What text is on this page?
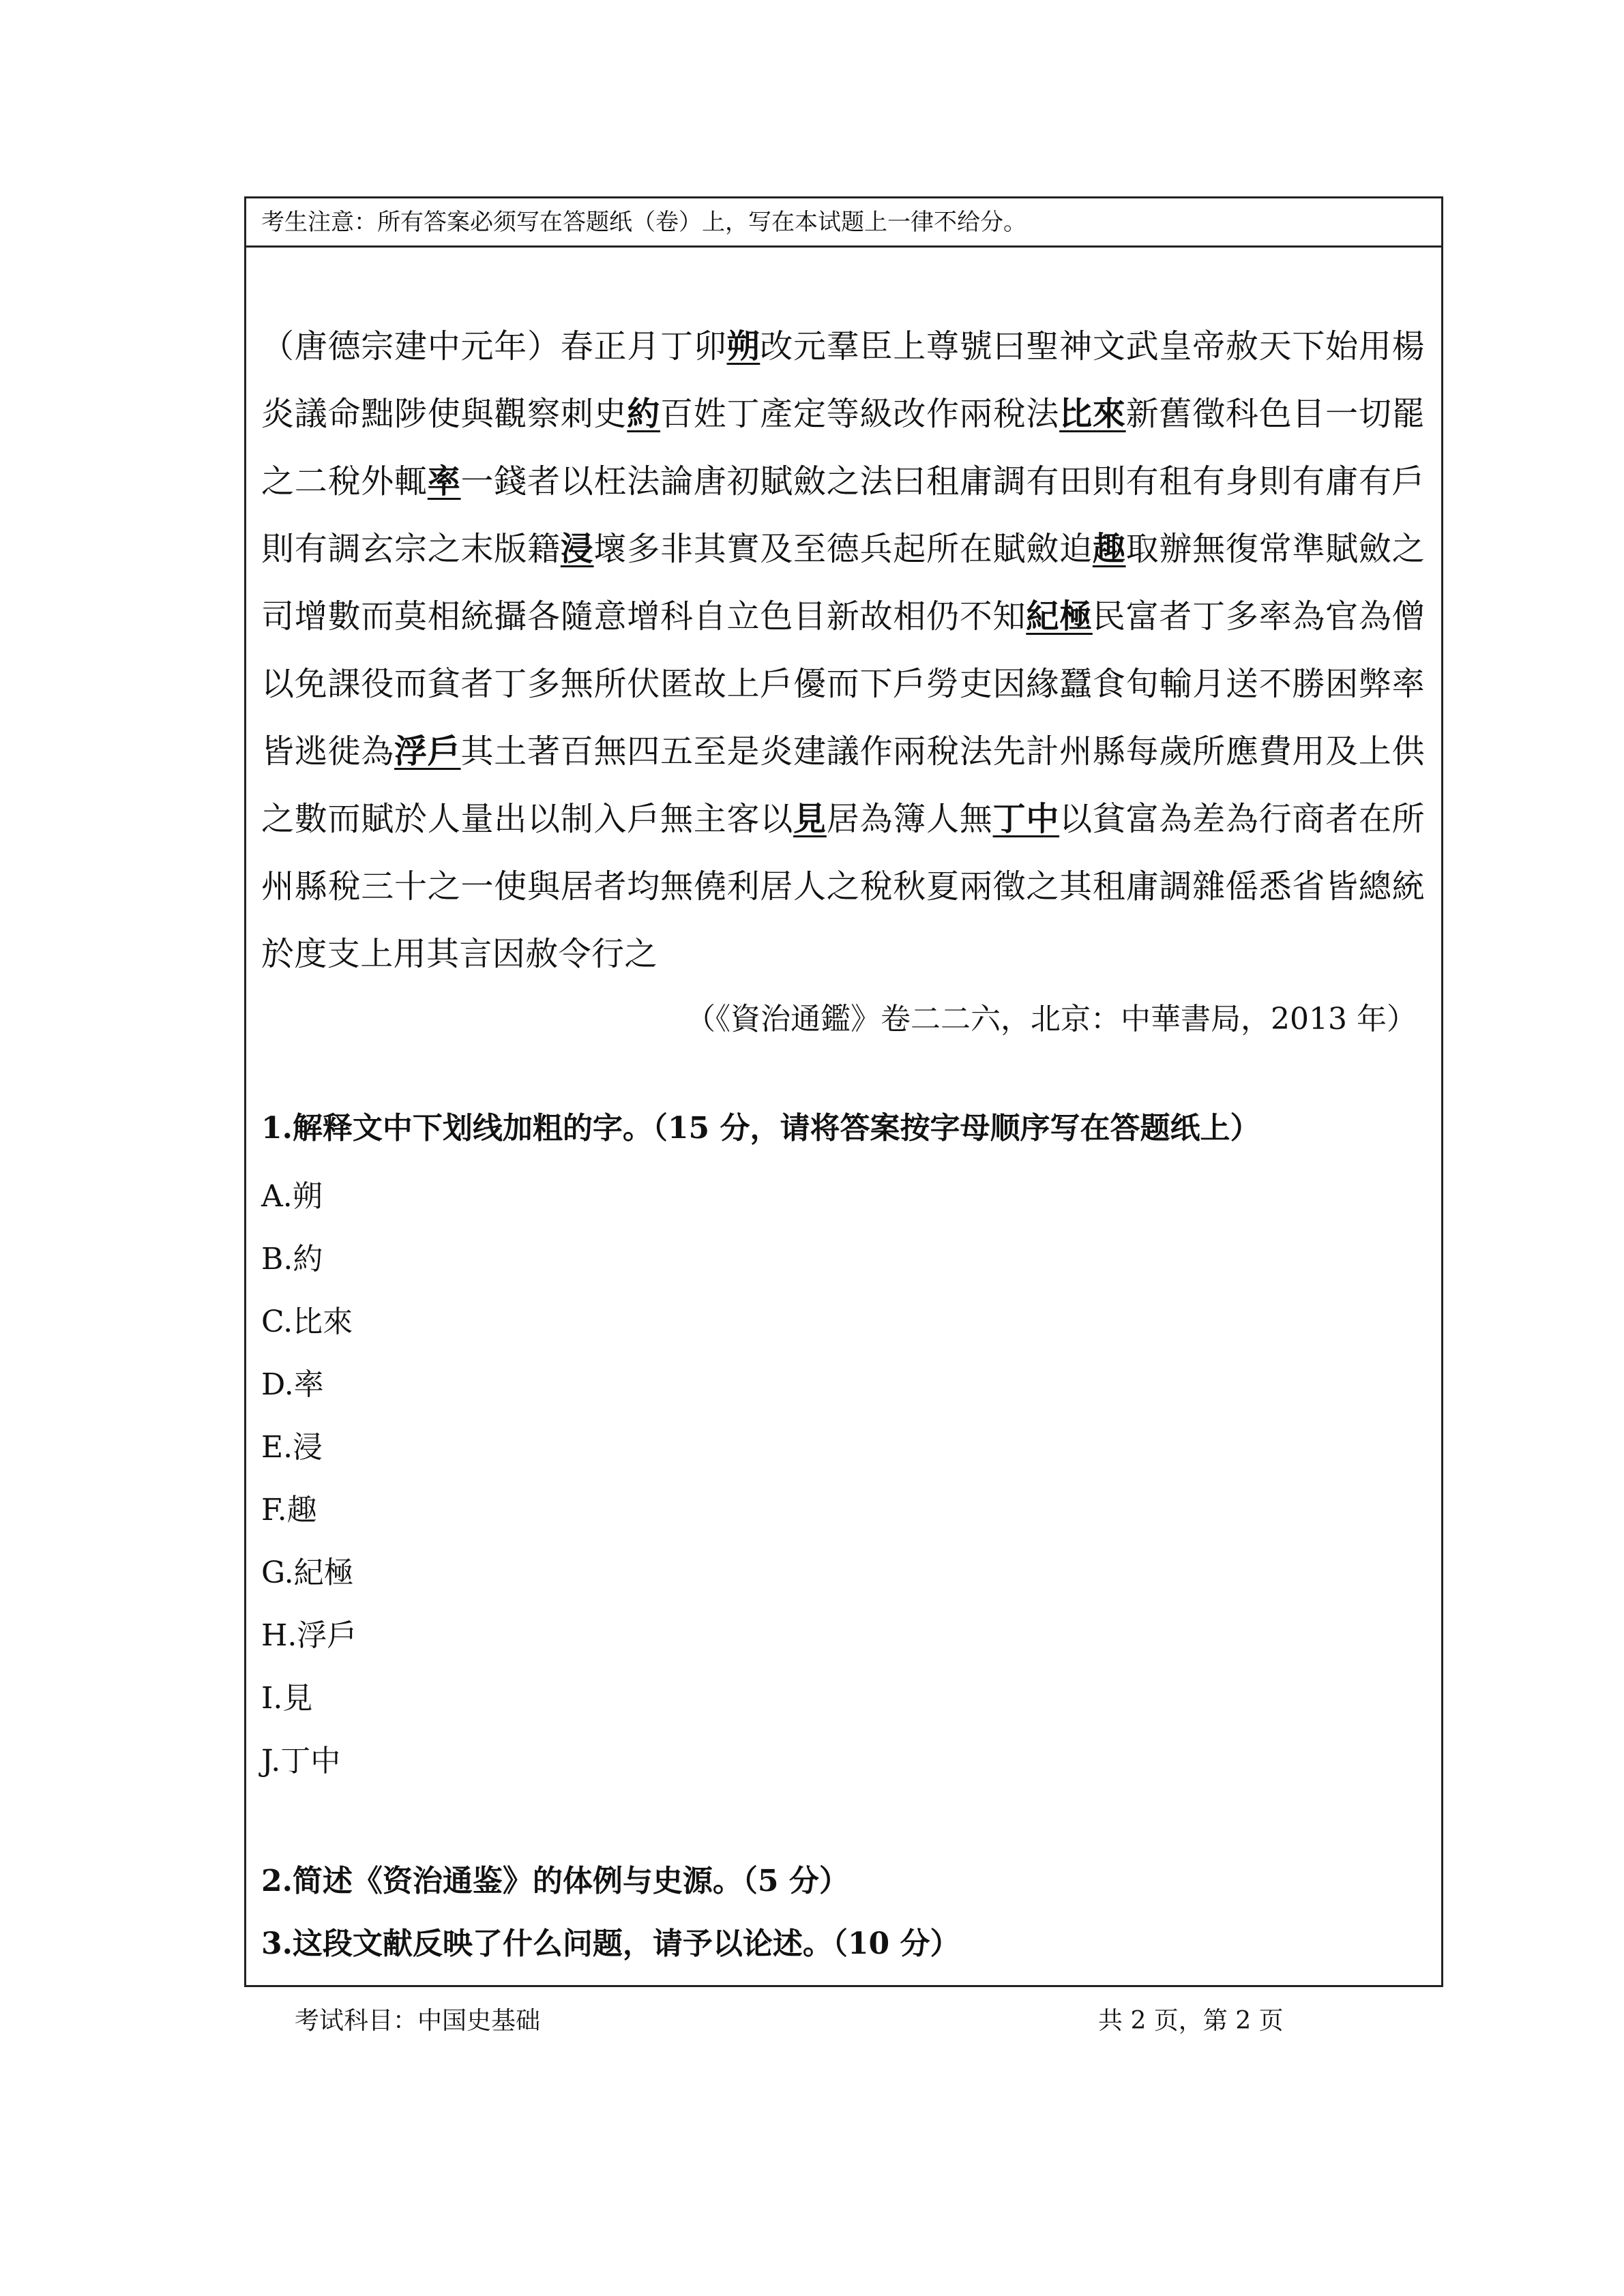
考生注意：所有答案必须写在答题纸（卷）上，写在本试题上一律不给分。
（唐德宗建中元年）春正月丁卯朔改元羣臣上尊號曰聖神文武皇帝赦天下始用楊炎議命黜陟使與觀察刺史約百姓丁產定等級改作兩稅法比來新舊徵科色目一切罷之二稅外輒率一錢者以枉法論唐初賦斂之法曰租庸調有田則有租有身則有庸有戶則有調玄宗之末版籍浸壞多非其實及至德兵起所在賦斂迫趣取辦無復常準賦斂之司增數而莫相統攝各隨意增科自立色目新故相仍不知紀極民富者丁多率為官為僧以免課役而貧者丁多無所伏匿故上戶優而下戶勞吏因緣蠶食旬輸月送不勝困弊率皆逃徙為浮戶其土著百無四五至是炎建議作兩稅法先計州縣每歲所應費用及上供之數而賦於人量出以制入戶無主客以見居為簿人無丁中以貧富為差為行商者在所州縣稅三十之一使與居者均無僥利居人之稅秋夏兩徵之其租庸調雜傜悉省皆總統於度支上用其言因赦令行之
（《資治通鑑》卷二二六，北京：中華書局，2013 年）
1.解释文中下划线加粗的字。（15 分，请将答案按字母顺序写在答题纸上）
A.朔
B.約
C.比來
D.率
E.浸
F.趣
G.紀極
H.浮戶
I.見
J.丁中
2.简述《资治通鉴》的体例与史源。（5 分）
3.这段文献反映了什么问题，请予以论述。（10 分）
考试科目：中国史基础	共 2 页，第 2 页
